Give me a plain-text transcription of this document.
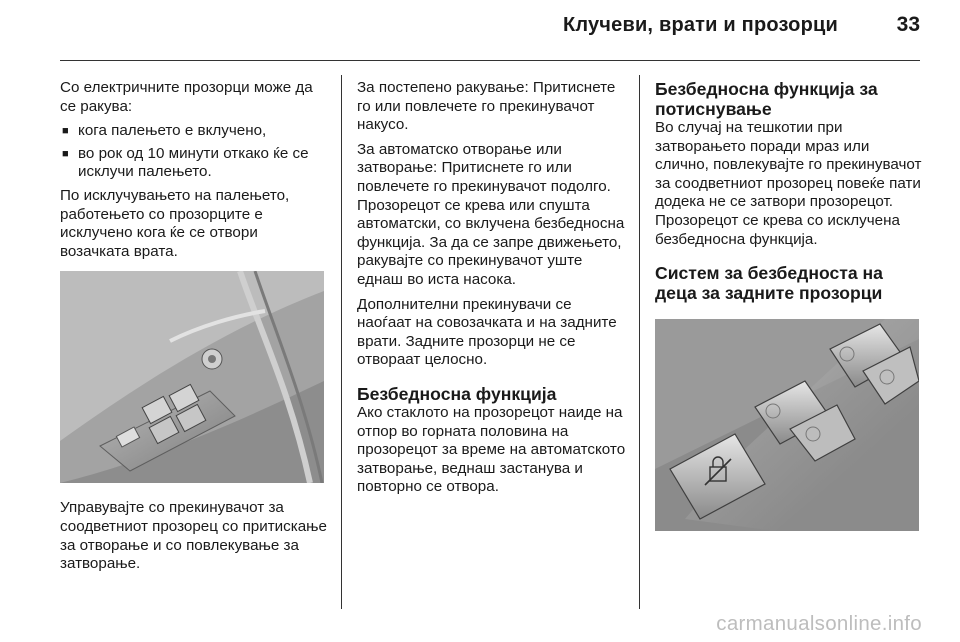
Клучеви, врати и прозорци	33

Со електричните прозорци може да се ракува:

■ кога палењето е вклучено,
■ во рок од 10 минути откако ќе се исклучи палењето.

По исклучувањето на палењето, работењето со прозорците е исклучено кога ќе се отвори возачката врата.

Управувајте со прекинувачот за соодветниот прозорец со притискање за отворање и со повлекување за затворање.

За постепено ракување: Притиснете го или повлечете го прекинувачот накусо.

За автоматско отворање или затворање: Притиснете го или повлечете го прекинувачот подолго. Прозорецот се крева или спушта автоматски, со вклучена безбедносна функција. За да се запре движењето, ракувајте со прекинувачот уште еднаш во иста насока.

Дополнителни прекинувачи се наоѓаат на совозачката и на задните врати. Задните прозорци не се отвораат целосно.

Безбедносна функција

Ако стаклото на прозорецот наиде на отпор во горната половина на прозорецот за време на автоматското затворање, веднаш застанува и повторно се отвора.

Безбедносна функција за потиснување

Во случај на тешкотии при затворањето поради мраз или слично, повлекувајте го прекинувачот за соодветниот прозорец повеќе пати додека не се затвори прозорецот. Прозорецот се крева со исклучена безбедносна функција.

Систем за безбедноста на деца за задните прозорци
carmanualsonline.info
